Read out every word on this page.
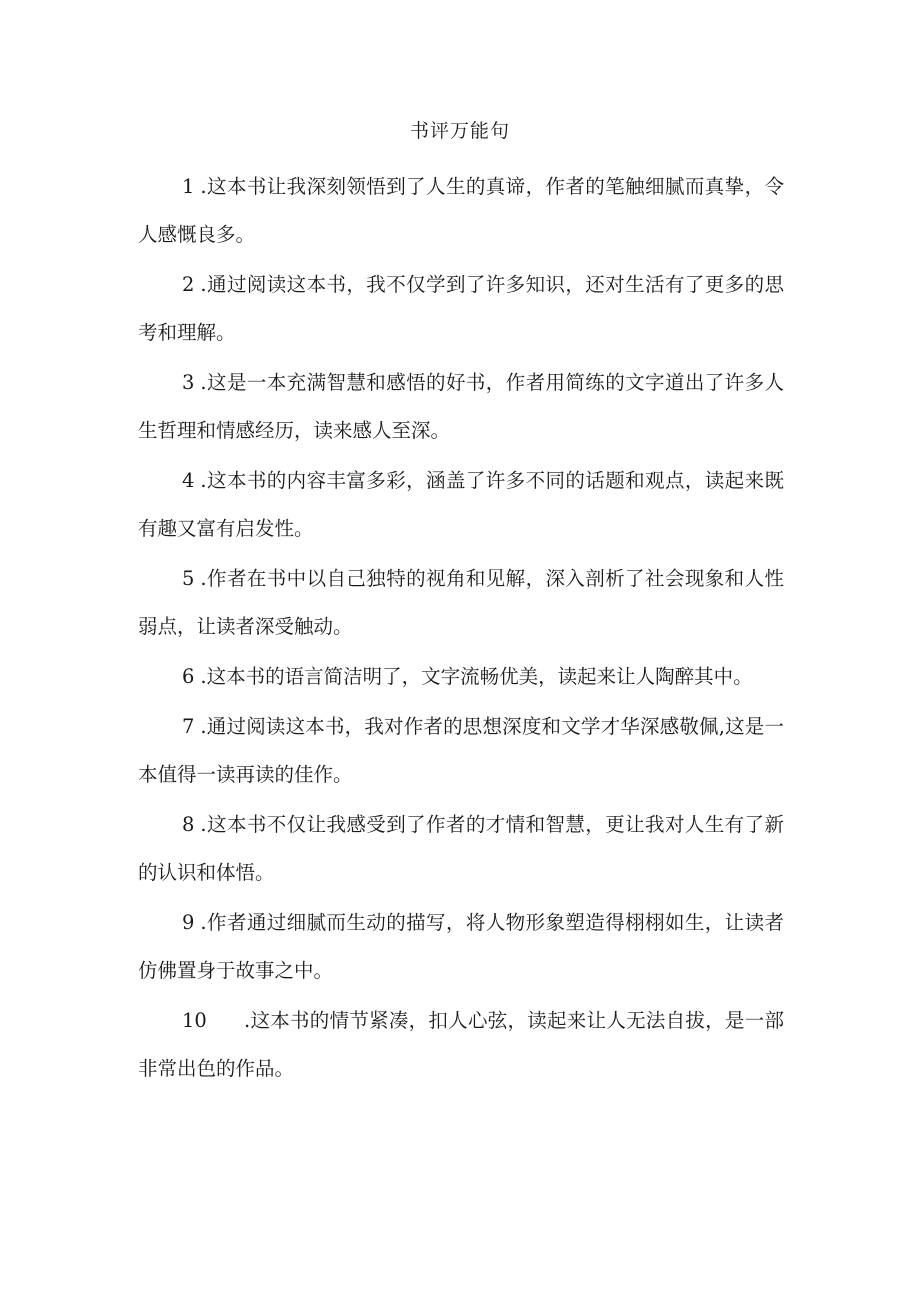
书评万能句

1 .这本书让我深刻领悟到了人生的真谛，作者的笔触细腻而真挚，令人感慨良多。

2 .通过阅读这本书，我不仅学到了许多知识，还对生活有了更多的思考和理解。

3 .这是一本充满智慧和感悟的好书，作者用简练的文字道出了许多人生哲理和情感经历，读来感人至深。

4 .这本书的内容丰富多彩，涵盖了许多不同的话题和观点，读起来既有趣又富有启发性。

5 .作者在书中以自己独特的视角和见解，深入剖析了社会现象和人性弱点，让读者深受触动。

6 .这本书的语言简洁明了，文字流畅优美，读起来让人陶醉其中。

7 .通过阅读这本书，我对作者的思想深度和文学才华深感敬佩,这是一本值得一读再读的佳作。

8 .这本书不仅让我感受到了作者的才情和智慧，更让我对人生有了新的认识和体悟。

9 .作者通过细腻而生动的描写，将人物形象塑造得栩栩如生，让读者仿佛置身于故事之中。

10 .这本书的情节紧凑，扣人心弦，读起来让人无法自拔，是一部非常出色的作品。
